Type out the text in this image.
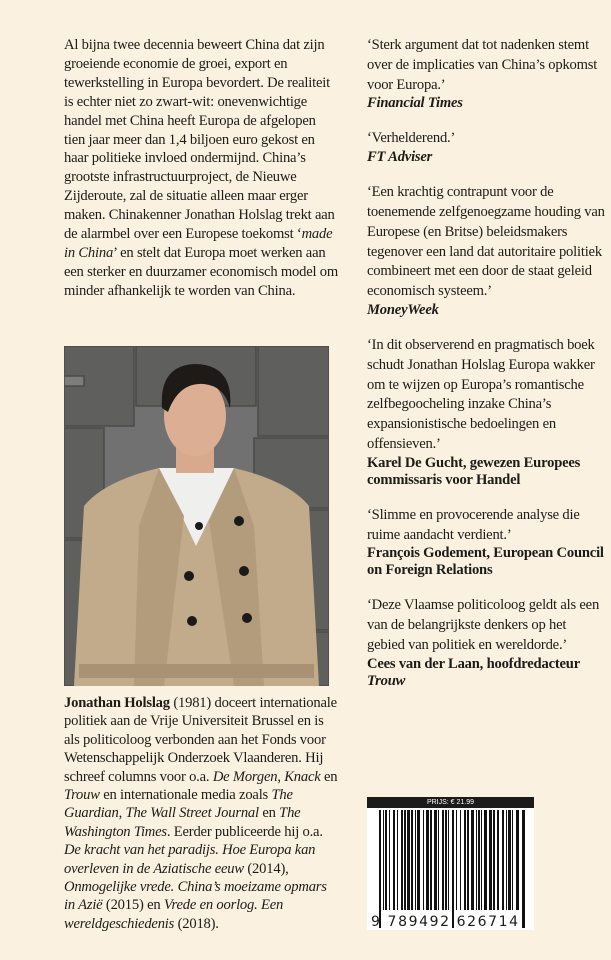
Al bijna twee decennia beweert China dat zijn groeiende economie de groei, export en tewerkstelling in Europa bevordert. De realiteit is echter niet zo zwart-wit: onevenwichtige handel met China heeft Europa de afgelopen tien jaar meer dan 1,4 biljoen euro gekost en haar politieke invloed ondermijnd. China’s grootste infrastructuurproject, de Nieuwe Zijderoute, zal de situatie alleen maar erger maken. Chinakenner Jonathan Holslag trekt aan de alarmbel over een Europese toekomst ‘made in China’ en stelt dat Europa moet werken aan een sterker en duurzamer economisch model om minder afhankelijk te worden van China.
Jonathan Holslag (1981) doceert internationale politiek aan de Vrije Universiteit Brussel en is als politicoloog verbonden aan het Fonds voor Wetenschappelijk Onderzoek Vlaanderen. Hij schreef columns voor o.a. De Morgen, Knack en Trouw en internationale media zoals The Guardian, The Wall Street Journal en The Washington Times. Eerder publiceerde hij o.a. De kracht van het paradijs. Hoe Europa kan overleven in de Aziatische eeuw (2014), Onmogelijke vrede. China’s moeizame opmars in Azië (2015) en Vrede en oorlog. Een wereldgeschiedenis (2018).
‘Sterk argument dat tot nadenken stemt over de implicaties van China’s opkomst voor Europa.’
Financial Times
‘Verhelderend.’
FT Adviser
‘Een krachtig contrapunt voor de toenemende zelfgenoegzame houding van Europese (en Britse) beleidsmakers tegenover een land dat autoritaire politiek combineert met een door de staat geleid economisch systeem.’
MoneyWeek
‘In dit observerend en pragmatisch boek schudt Jonathan Holslag Europa wakker om te wijzen op Europa’s romantische zelfbegoocheling inzake China’s expansionistische bedoelingen en offensieven.’
Karel De Gucht, gewezen Europees commissaris voor Handel
‘Slimme en provocerende analyse die ruime aandacht verdient.’
François Godement, European Council on Foreign Relations
‘Deze Vlaamse politicoloog geldt als een van de belangrijkste denkers op het gebied van politiek en wereldorde.’
Cees van der Laan, hoofdredacteur Trouw
PRIJS: € 21.99
9 789492 626714
